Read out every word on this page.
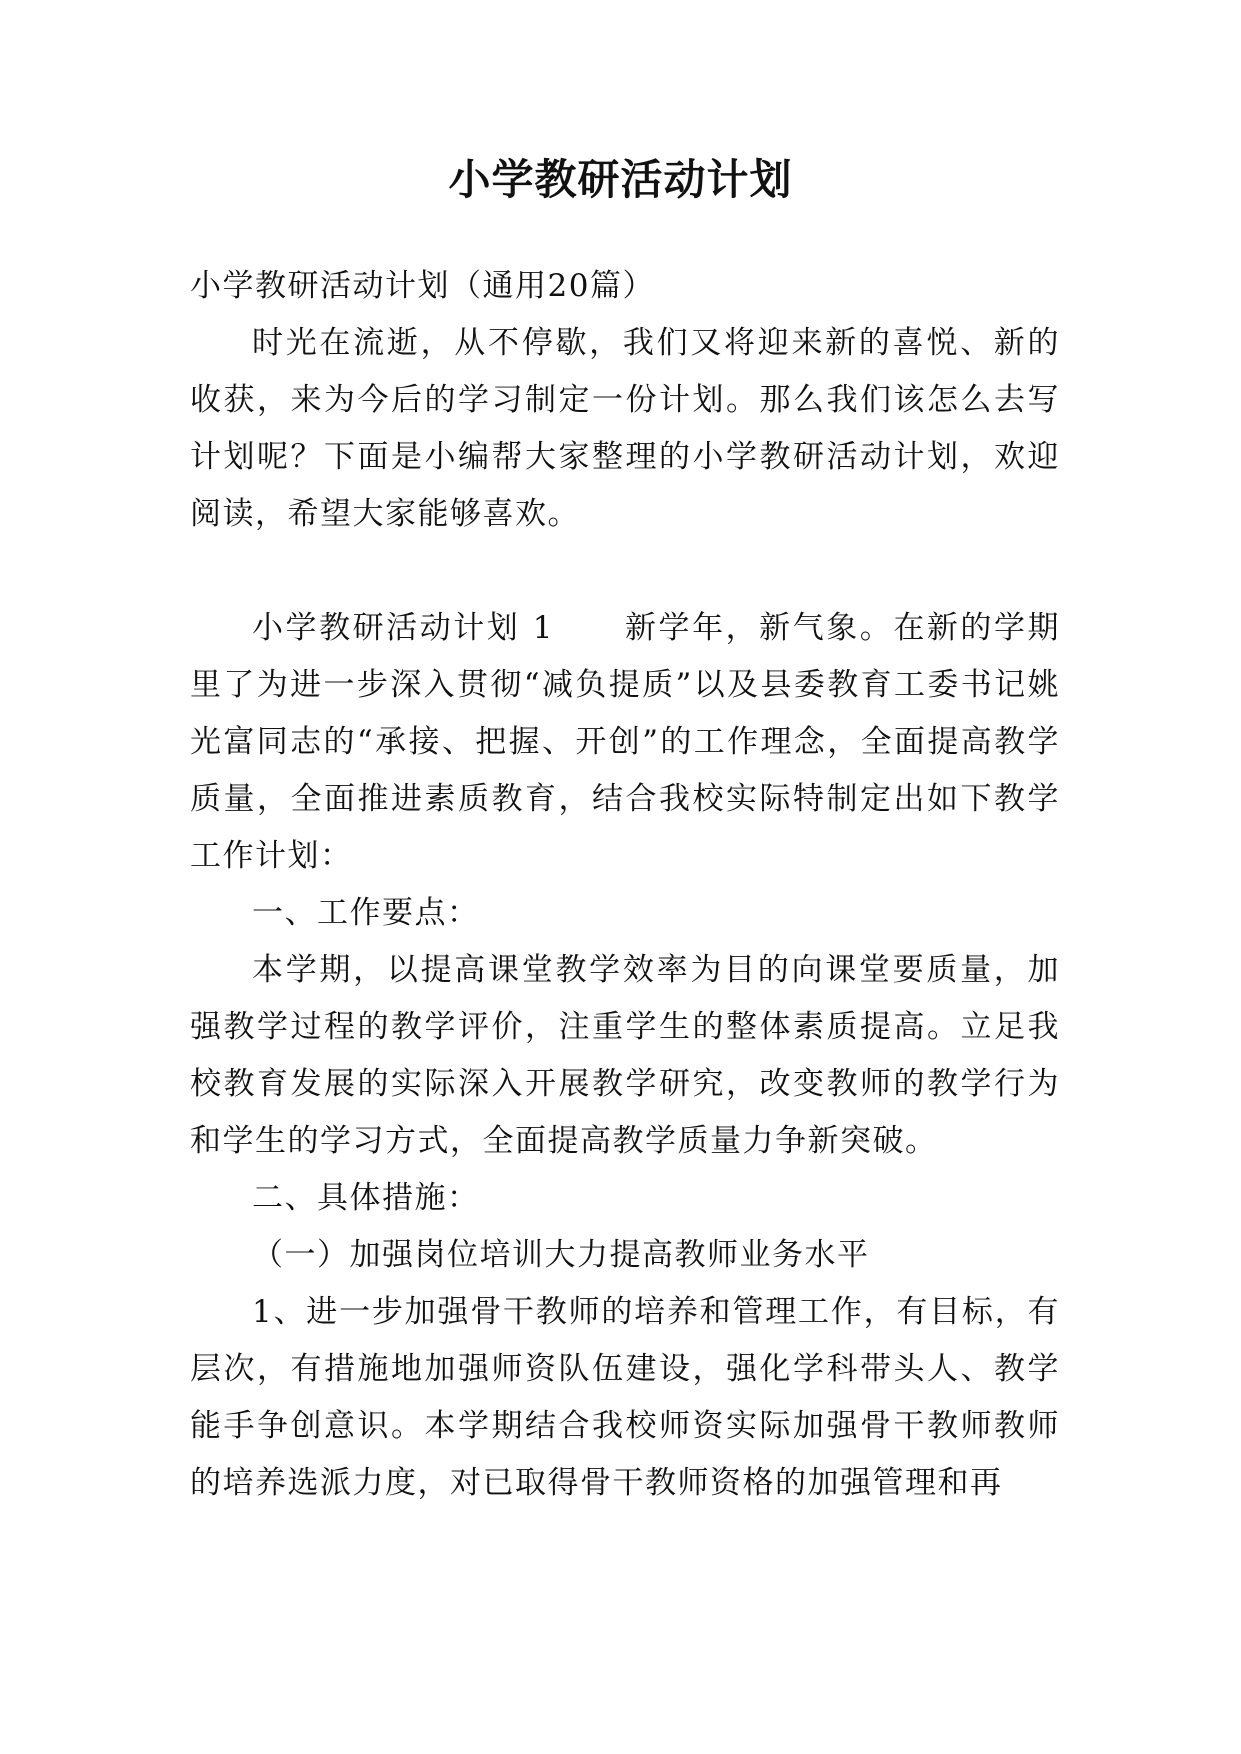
小学教研活动计划

小学教研活动计划（通用20篇）

时光在流逝，从不停歇，我们又将迎来新的喜悦、新的收获，来为今后的学习制定一份计划。那么我们该怎么去写计划呢？下面是小编帮大家整理的小学教研活动计划，欢迎阅读，希望大家能够喜欢。

小学教研活动计划 1 新学年，新气象。在新的学期里了为进一步深入贯彻“减负提质”以及县委教育工委书记姚光富同志的“承接、把握、开创”的工作理念，全面提高教学质量，全面推进素质教育，结合我校实际特制定出如下教学工作计划：

一、工作要点：

本学期，以提高课堂教学效率为目的向课堂要质量，加强教学过程的教学评价，注重学生的整体素质提高。立足我校教育发展的实际深入开展教学研究，改变教师的教学行为和学生的学习方式，全面提高教学质量力争新突破。

二、具体措施：

（一）加强岗位培训大力提高教师业务水平

1、进一步加强骨干教师的培养和管理工作，有目标，有层次，有措施地加强师资队伍建设，强化学科带头人、教学能手争创意识。本学期结合我校师资实际加强骨干教师教师的培养选派力度，对已取得骨干教师资格的加强管理和再
